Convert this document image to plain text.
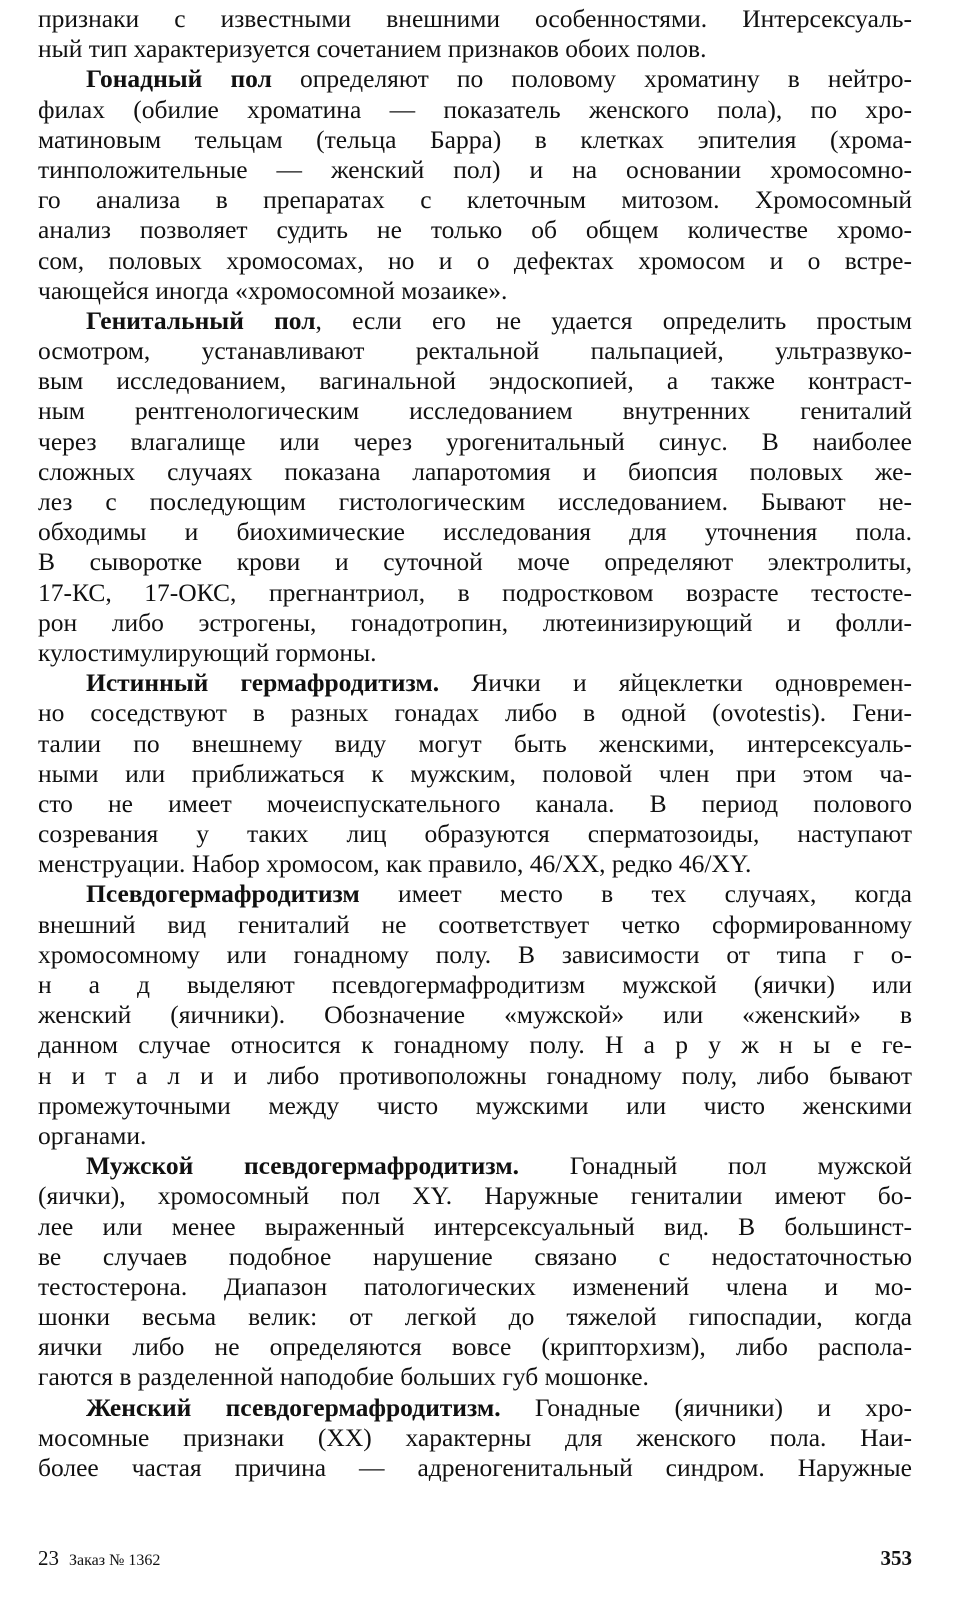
признаки с известными внешними особенностями. Интерсексуаль-
ный тип характеризуется сочетанием признаков обоих полов.
Гонадный пол определяют по половому хроматину в нейтро-
филах (обилие хроматина — показатель женского пола), по хро-
матиновым тельцам (тельца Барра) в клетках эпителия (хрома-
тинположительные — женский пол) и на основании хромосомно-
го анализа в препаратах с клеточным митозом. Хромосомный
анализ позволяет судить не только об общем количестве хромо-
сом, половых хромосомах, но и о дефектах хромосом и о встре-
чающейся иногда «хромосомной мозаике».
Генитальный пол, если его не удается определить простым
осмотром, устанавливают ректальной пальпацией, ультразвуко-
вым исследованием, вагинальной эндоскопией, а также контраст-
ным рентгенологическим исследованием внутренних гениталий
через влагалище или через урогенитальный синус. В наиболее
сложных случаях показана лапаротомия и биопсия половых же-
лез с последующим гистологическим исследованием. Бывают не-
обходимы и биохимические исследования для уточнения пола.
В сыворотке крови и суточной моче определяют электролиты,
17-КС, 17-ОКС, прегнантриол, в подростковом возрасте тестосте-
рон либо эстрогены, гонадотропин, лютеинизирующий и фолли-
кулостимулирующий гормоны.
Истинный гермафродитизм. Яички и яйцеклетки одновремен-
но соседствуют в разных гонадах либо в одной (ovotestis). Гени-
талии по внешнему виду могут быть женскими, интерсексуаль-
ными или приближаться к мужским, половой член при этом ча-
сто не имеет мочеиспускательного канала. В период полового
созревания у таких лиц образуются сперматозоиды, наступают
менструации. Набор хромосом, как правило, 46/XX, редко 46/XY.
Псевдогермафродитизм имеет место в тех случаях, когда
внешний вид гениталий не соответствует четко сформированному
хромосомному или гонадному полу. В зависимости от типа г о-
н а д выделяют псевдогермафродитизм мужской (яички) или
женский (яичники). Обозначение «мужской» или «женский» в
данном случае относится к гонадному полу. Н а р у ж н ы е ге-
н и т а л и и либо противоположны гонадному полу, либо бывают
промежуточными между чисто мужскими или чисто женскими
органами.
Мужской псевдогермафродитизм. Гонадный пол мужской
(яички), хромосомный пол XY. Наружные гениталии имеют бо-
лее или менее выраженный интерсексуальный вид. В большинст-
ве случаев подобное нарушение связано с недостаточностью
тестостерона. Диапазон патологических изменений члена и мо-
шонки весьма велик: от легкой до тяжелой гипоспадии, когда
яички либо не определяются вовсе (крипторхизм), либо распола-
гаются в разделенной наподобие больших губ мошонке.
Женский псевдогермафродитизм. Гонадные (яичники) и хро-
мосомные признаки (XX) характерны для женского пола. Наи-
более частая причина — адреногенитальный синдром. Наружные
23 Заказ № 1362	353
